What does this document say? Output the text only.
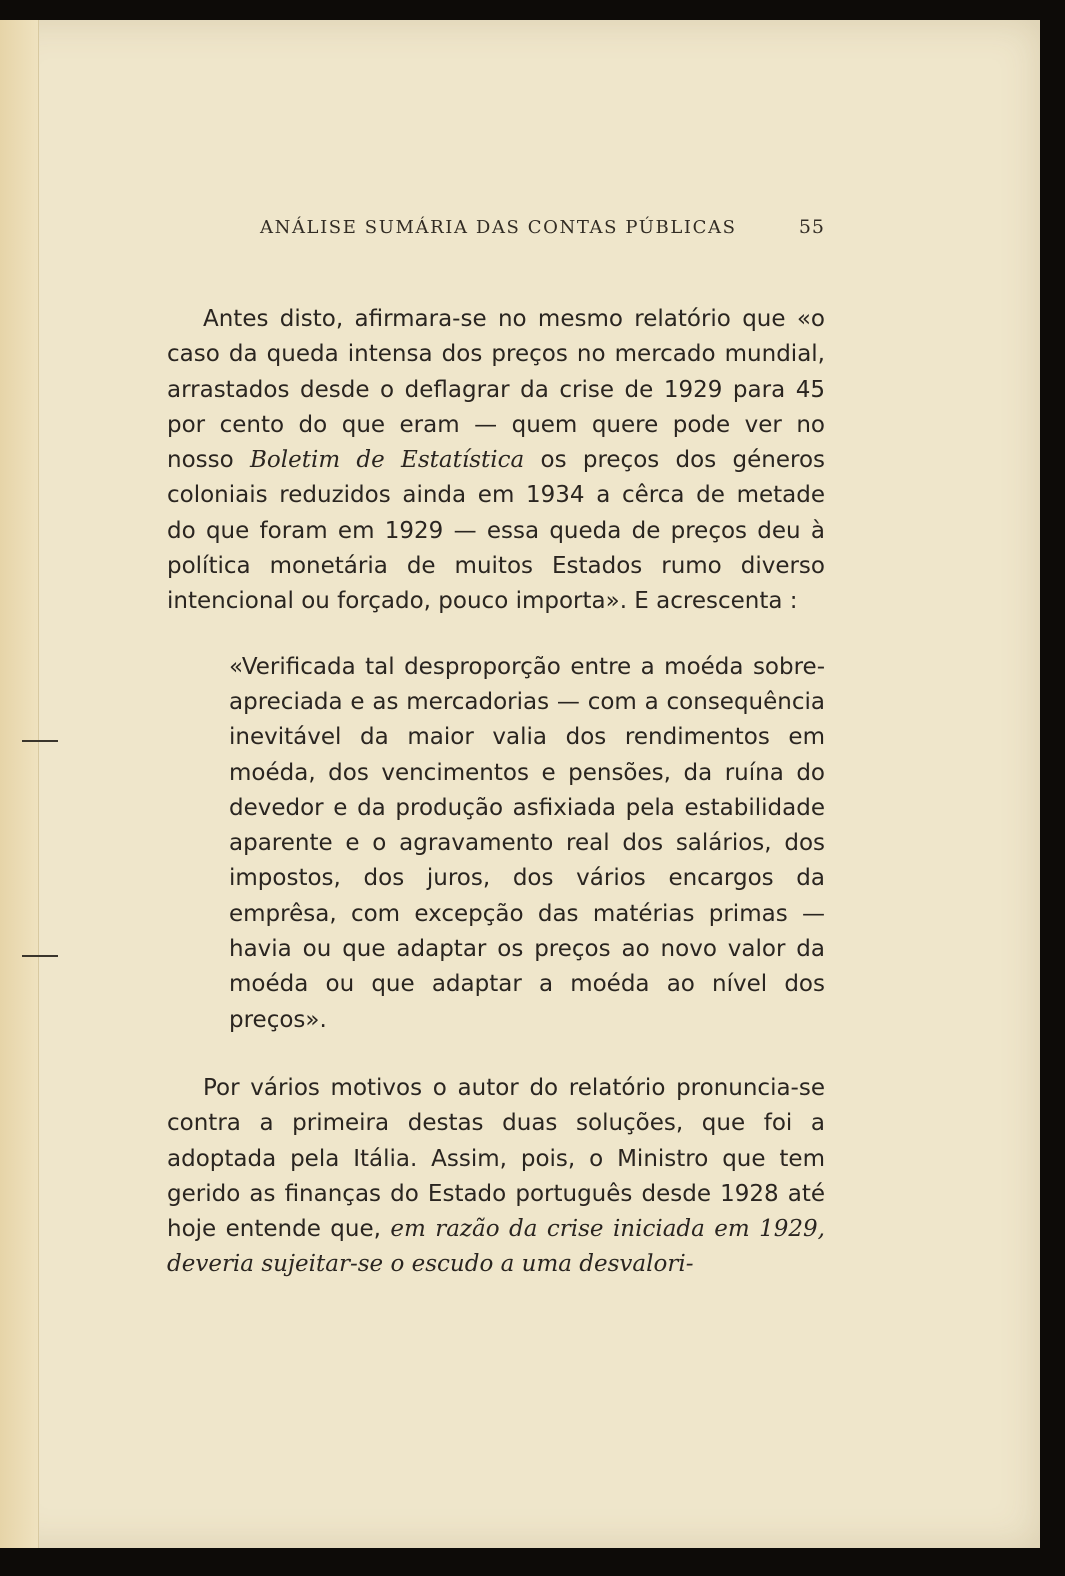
ANÁLISE SUMÁRIA DAS CONTAS PÚBLICAS	55

Antes disto, afirmara-se no mesmo relatório que «o caso da queda intensa dos preços no mercado mundial, arrastados desde o deflagrar da crise de 1929 para 45 por cento do que eram — quem quere pode ver no nosso Boletim de Estatística os preços dos géneros coloniais reduzidos ainda em 1934 a cêrca de metade do que foram em 1929 — essa queda de preços deu à política monetária de muitos Estados rumo diverso intencional ou forçado, pouco importa». E acrescenta :

«Verificada tal desproporção entre a moéda sobre-apreciada e as mercadorias — com a consequência inevitável da maior valia dos rendimentos em moéda, dos vencimentos e pensões, da ruína do devedor e da produção asfixiada pela estabilidade aparente e o agravamento real dos salários, dos impostos, dos juros, dos vários encargos da emprêsa, com excepção das matérias primas — havia ou que adaptar os preços ao novo valor da moéda ou que adaptar a moéda ao nível dos preços».

Por vários motivos o autor do relatório pronuncia-se contra a primeira destas duas soluções, que foi a adoptada pela Itália. Assim, pois, o Ministro que tem gerido as finanças do Estado português desde 1928 até hoje entende que, em razão da crise iniciada em 1929, deveria sujeitar-se o escudo a uma desvalori-
